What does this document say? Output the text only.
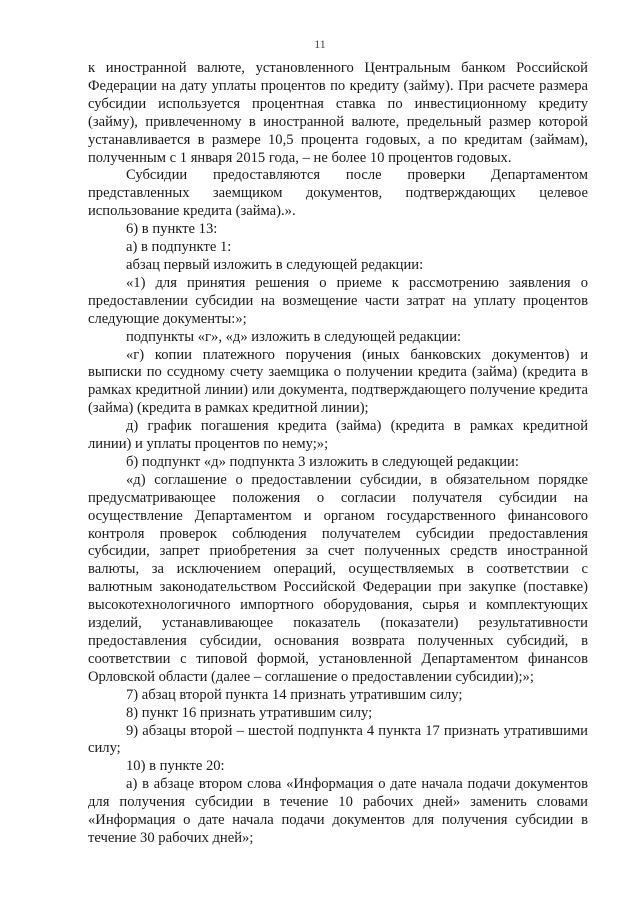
11

к иностранной валюте, установленного Центральным банком Российской Федерации на дату уплаты процентов по кредиту (займу). При расчете размера субсидии используется процентная ставка по инвестиционному кредиту (займу), привлеченному в иностранной валюте, предельный размер которой устанавливается в размере 10,5 процента годовых, а по кредитам (займам), полученным с 1 января 2015 года, – не более 10 процентов годовых.

Субсидии предоставляются после проверки Департаментом представленных заемщиком документов, подтверждающих целевое использование кредита (займа).».

6) в пункте 13:

а) в подпункте 1:

абзац первый изложить в следующей редакции:

«1) для принятия решения о приеме к рассмотрению заявления о предоставлении субсидии на возмещение части затрат на уплату процентов следующие документы:»;

подпункты «г», «д» изложить в следующей редакции:

«г) копии платежного поручения (иных банковских документов) и выписки по ссудному счету заемщика о получении кредита (займа) (кредита в рамках кредитной линии) или документа, подтверждающего получение кредита (займа) (кредита в рамках кредитной линии);

д) график погашения кредита (займа) (кредита в рамках кредитной линии) и уплаты процентов по нему;»;

б) подпункт «д» подпункта 3 изложить в следующей редакции:

«д) соглашение о предоставлении субсидии, в обязательном порядке предусматривающее положения о согласии получателя субсидии на осуществление Департаментом и органом государственного финансового контроля проверок соблюдения получателем субсидии предоставления субсидии, запрет приобретения за счет полученных средств иностранной валюты, за исключением операций, осуществляемых в соответствии с валютным законодательством Российской Федерации при закупке (поставке) высокотехнологичного импортного оборудования, сырья и комплектующих изделий, устанавливающее показатель (показатели) результативности предоставления субсидии, основания возврата полученных субсидий, в соответствии с типовой формой, установленной Департаментом финансов Орловской области (далее – соглашение о предоставлении субсидии);»;

7) абзац второй пункта 14 признать утратившим силу;

8) пункт 16 признать утратившим силу;

9) абзацы второй – шестой подпункта 4 пункта 17 признать утратившими силу;

10) в пункте 20:

а) в абзаце втором слова «Информация о дате начала подачи документов для получения субсидии в течение 10 рабочих дней» заменить словами «Информация о дате начала подачи документов для получения субсидии в течение 30 рабочих дней»;
